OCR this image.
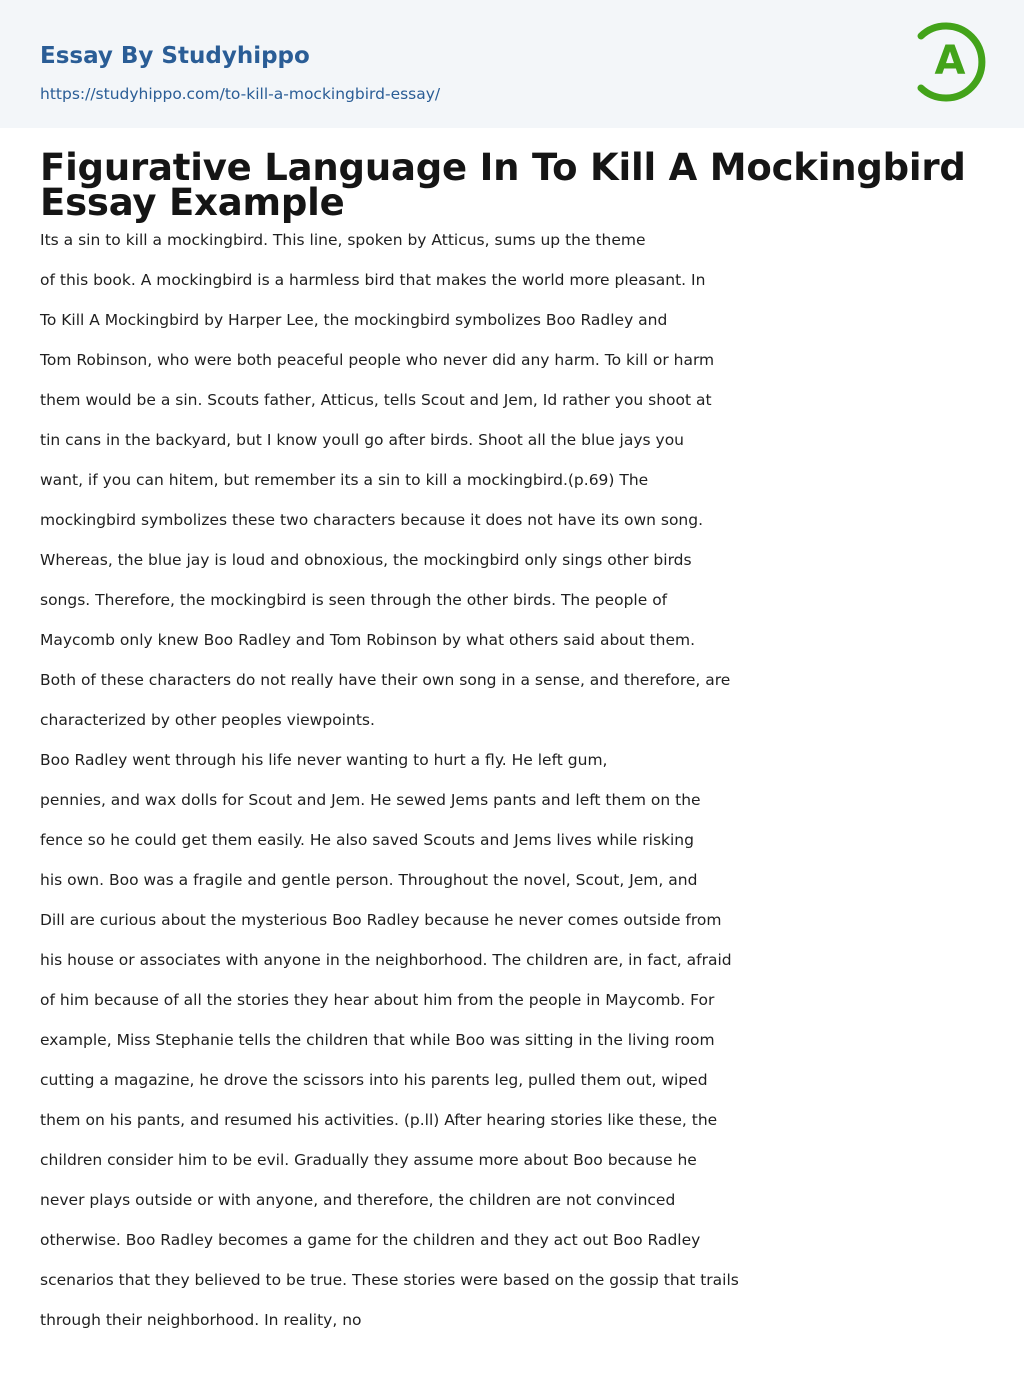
Essay By Studyhippo
https://studyhippo.com/to-kill-a-mockingbird-essay/
A
Figurative Language In To Kill A Mockingbird Essay Example
Its a sin to kill a mockingbird. This line, spoken by Atticus, sums up the theme
of this book. A mockingbird is a harmless bird that makes the world more pleasant. In
To Kill A Mockingbird by Harper Lee, the mockingbird symbolizes Boo Radley and
Tom Robinson, who were both peaceful people who never did any harm. To kill or harm
them would be a sin. Scouts father, Atticus, tells Scout and Jem, Id rather you shoot at
tin cans in the backyard, but I know youll go after birds. Shoot all the blue jays you
want, if you can hitem, but remember its a sin to kill a mockingbird.(p.69) The
mockingbird symbolizes these two characters because it does not have its own song.
Whereas, the blue jay is loud and obnoxious, the mockingbird only sings other birds
songs. Therefore, the mockingbird is seen through the other birds. The people of
Maycomb only knew Boo Radley and Tom Robinson by what others said about them.
Both of these characters do not really have their own song in a sense, and therefore, are
characterized by other peoples viewpoints.
Boo Radley went through his life never wanting to hurt a fly. He left gum,
pennies, and wax dolls for Scout and Jem. He sewed Jems pants and left them on the
fence so he could get them easily. He also saved Scouts and Jems lives while risking
his own. Boo was a fragile and gentle person. Throughout the novel, Scout, Jem, and
Dill are curious about the mysterious Boo Radley because he never comes outside from
his house or associates with anyone in the neighborhood. The children are, in fact, afraid
of him because of all the stories they hear about him from the people in Maycomb. For
example, Miss Stephanie tells the children that while Boo was sitting in the living room
cutting a magazine, he drove the scissors into his parents leg, pulled them out, wiped
them on his pants, and resumed his activities. (p.ll) After hearing stories like these, the
children consider him to be evil. Gradually they assume more about Boo because he
never plays outside or with anyone, and therefore, the children are not convinced
otherwise. Boo Radley becomes a game for the children and they act out Boo Radley
scenarios that they believed to be true. These stories were based on the gossip that trails
through their neighborhood. In reality, no
